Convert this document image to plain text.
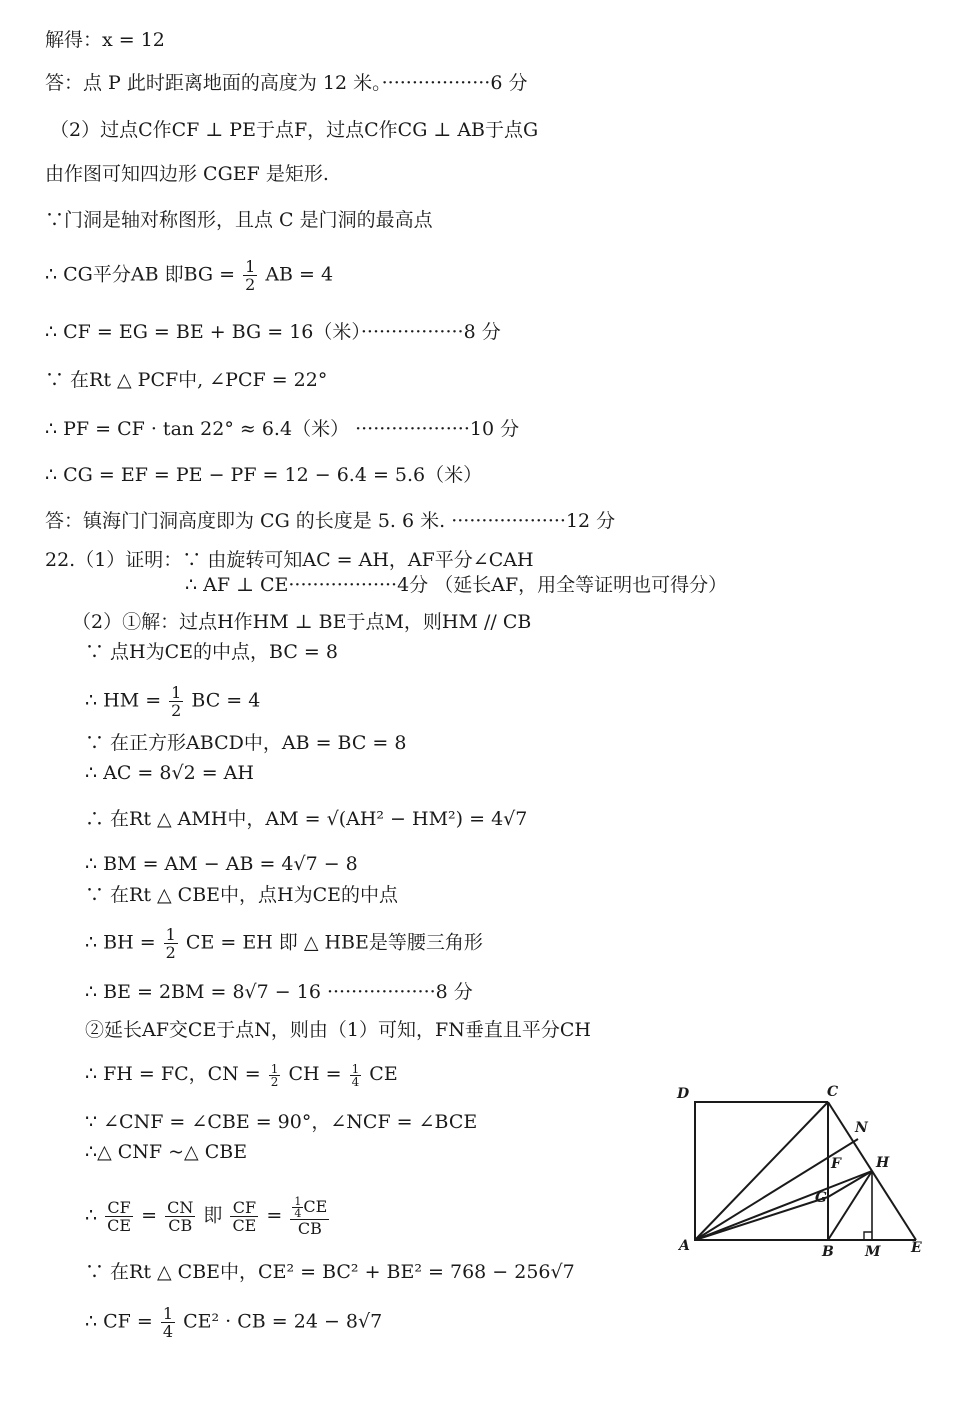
解得：x = 12
答：点 P 此时距离地面的高度为 12 米。··················6 分
（2）过点C作CF ⊥ PE于点F，过点C作CG ⊥ AB于点G
由作图可知四边形 CGEF 是矩形.
∵门洞是轴对称图形，且点 C 是门洞的最高点
∴ CG平分AB 即BG = $\frac{1}{2}$ AB = 4
∴ CF = EG = BE + BG = 16（米）·················8 分
∵ 在Rt △ PCF中, ∠PCF = 22°
∴ PF = CF · tan 22° ≈ 6.4（米） ···················10 分
∴ CG = EF = PE − PF = 12 − 6.4 = 5.6（米）
答：镇海门门洞高度即为 CG 的长度是 5. 6 米. ···················12 分
22.（1）证明：∵ 由旋转可知AC = AH，AF平分∠CAH
∴ AF ⊥ CE··················4分 （延长AF，用全等证明也可得分）
（2）①解：过点H作HM ⊥ BE于点M，则HM // CB
∵ 点H为CE的中点，BC = 8
∴ HM = $\frac{1}{2}$ BC = 4
∵ 在正方形ABCD中，AB = BC = 8
∴ AC = 8√2 = AH
∴ 在Rt △ AMH中，AM = √(AH² − HM²) = 4√7
∴ BM = AM − AB = 4√7 − 8
∵ 在Rt △ CBE中，点H为CE的中点
∴ BH = $\frac{1}{2}$ CE = EH 即 △ HBE是等腰三角形
∴ BE = 2BM = 8√7 − 16 ··················8 分
②延长AF交CE于点N，则由（1）可知，FN垂直且平分CH
∴ FH = FC，CN = $\frac{1}{2}$ CH = $\frac{1}{4}$ CE
∵ ∠CNF = ∠CBE = 90°，∠NCF = ∠BCE
∴△ CNF ~△ CBE
∴ $\frac{CF}{CE} = \frac{CN}{CB}$ 即 $\frac{CF}{CE} = \frac{\frac{1}{4} CE}{CB}$
∵ 在Rt △ CBE中，CE² = BC² + BE² = 768 − 256√7
∴ CF = $\frac{1}{4} CE^2$ · CB = 24 − 8√7
D	C
N
H
F
G
A	B M E
